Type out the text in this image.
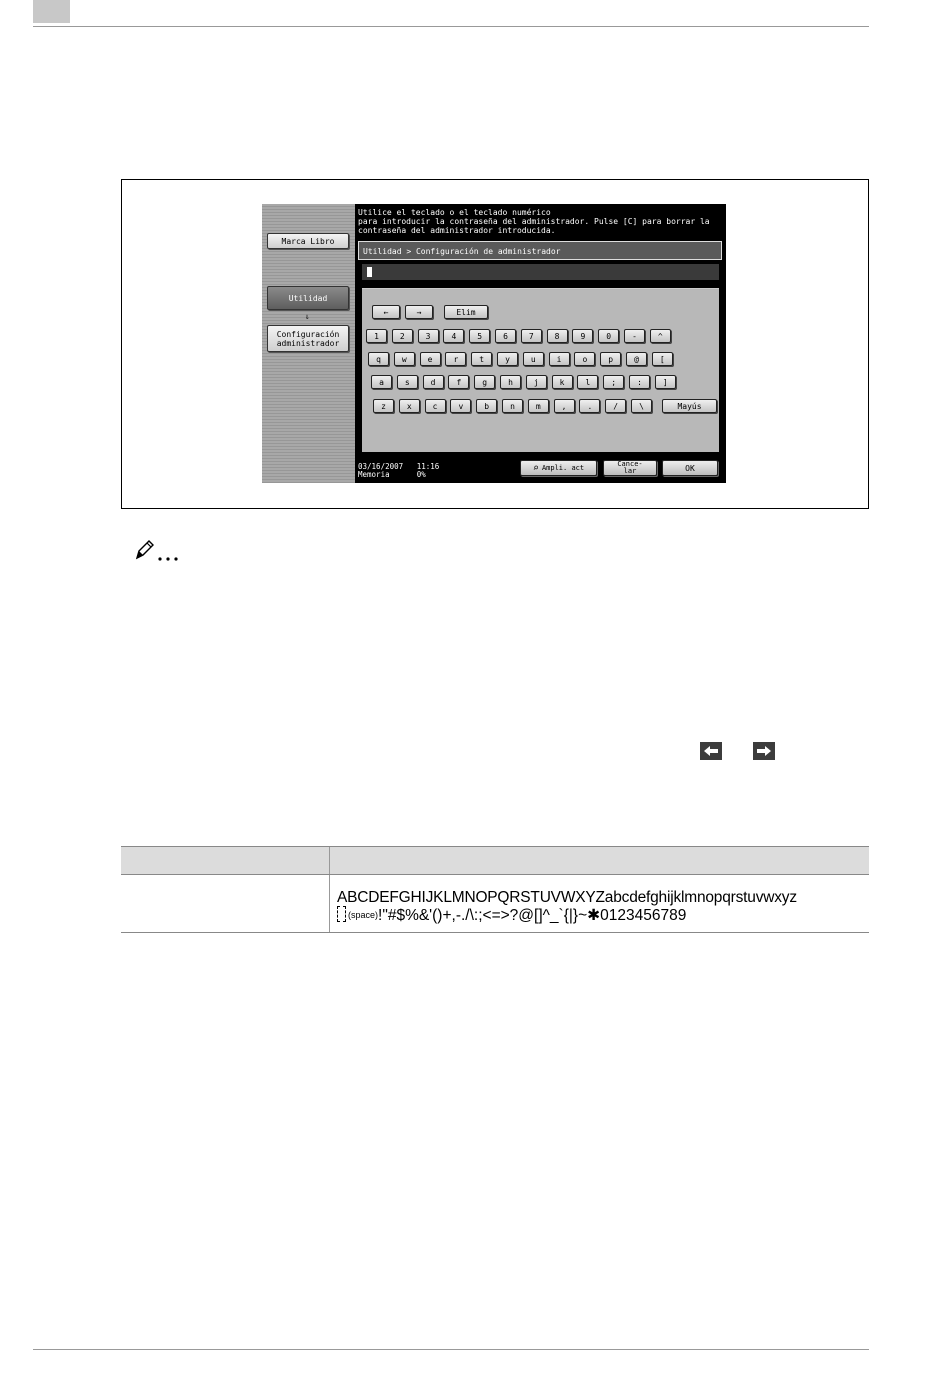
Marca Libro
Utilidad
⇓
Configuración administrador
Utilice el teclado o el teclado numérico
para introducir la contraseña del administrador. Pulse [C] para borrar la
contraseña del administrador introducida.
Utilidad > Configuración de administrador
←	→	Elim
1	2	3	4	5	6	7	8	9	0	-	^
q	w	e	r	t	y	u	i	o	p	@	[
a	s	d	f	g	h	j	k	l	;	:	]
z	x	c	v	b	n	m	,	.	/	\	Mayús
03/16/2007 11:16
Memoria	0%
⌕ Ampli. act	Cance-
lar	OK
ABCDEFGHIJKLMNOPQRSTUVWXYZabcdefghijklmnopqrstuvwxyz
(space)!"#$%&'()+,-./\:;<=>?@[]^_`{|}~✱0123456789
